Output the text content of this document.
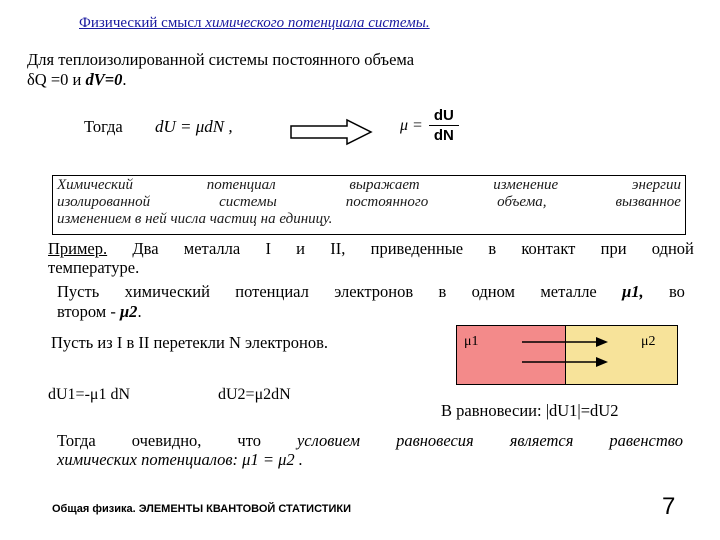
Физический смысл химического потенциала системы.
Для теплоизолированной системы постоянного объема
δQ =0 и dV=0.
Тогда dU = μdN ,	$\mu = \frac{dU}{dN}$
Химический	потенциал	выражает	изменение	энергии
изолированной	системы	постоянного	объема,	вызванное
изменением в ней числа частиц на единицу.
Пример. Два металла I и II, приведенные в контакт при одной
температуре.
Пусть химический потенциал электронов в одном металле μ1, во
втором - μ2.
Пусть из I в II перетекли N электронов.	μ1	μ2
dU1=-μ1 dN	dU2=μ2dN
В равновесии: |dU1|=dU2
Тогда очевидно, что условием равновесия является равенство
химических потенциалов: μ1 = μ2 .
Общая физика. ЭЛЕМЕНТЫ КВАНТОВОЙ СТАТИСТИКИ	7
